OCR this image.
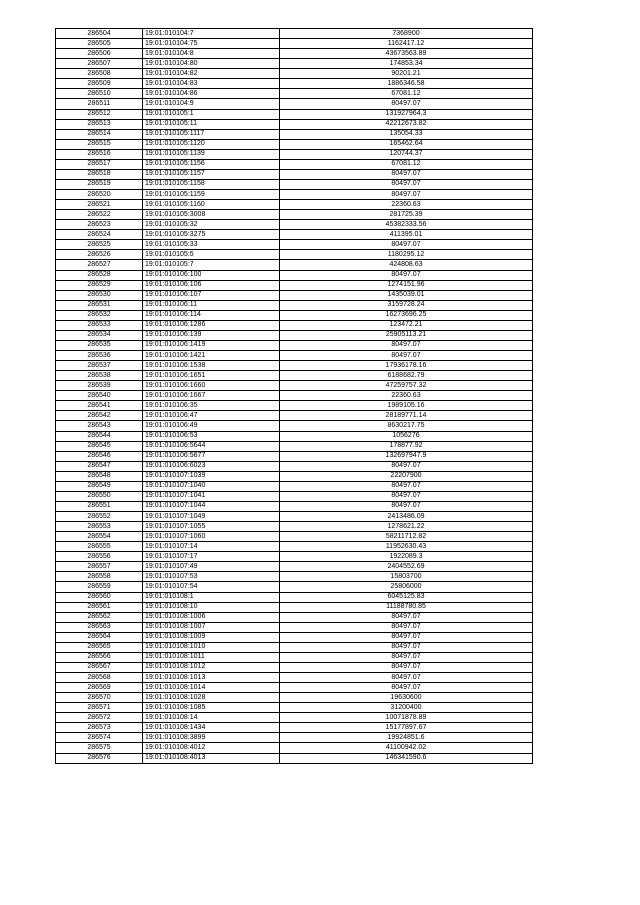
286504	19:01:010104:7	7368900
286505	19:01:010104:75	1162417.12
286506	19:01:010104:8	43673563.89
286507	19:01:010104:80	174853.34
286508	19:01:010104:82	90201.21
286509	19:01:010104:83	1886346.58
286510	19:01:010104:86	67081.12
286511	19:01:010104:9	80497.07
286512	19:01:010105:1	131927964.3
286513	19:01:010105:11	42212673.82
286514	19:01:010105:1117	135054.33
286515	19:01:010105:1120	165462.64
286516	19:01:010105:1139	120744.37
286517	19:01:010105:1156	67081.12
286518	19:01:010105:1157	80497.07
286519	19:01:010105:1158	80497.07
286520	19:01:010105:1159	80497.07
286521	19:01:010105:1160	22360.63
286522	19:01:010105:3008	281725.39
286523	19:01:010105:32	45382333.56
286524	19:01:010105:3275	411395.01
286525	19:01:010105:33	80497.07
286526	19:01:010105:5	1180295.12
286527	19:01:010105:7	424808.63
286528	19:01:010106:100	80497.07
286529	19:01:010106:106	1274151.96
286530	19:01:010106:107	1435039.01
286531	19:01:010106:11	3159728.24
286532	19:01:010106:114	16273696.25
286533	19:01:010106:1286	123472.21
286534	19:01:010106:139	25905113.21
286535	19:01:010106:1419	80497.07
286536	19:01:010106:1421	80497.07
286537	19:01:010106:1538	17936178.16
286538	19:01:010106:1651	6188682.79
286539	19:01:010106:1660	47259757.32
286540	19:01:010106:1667	22360.63
286541	19:01:010106:35	1989105.16
286542	19:01:010106:47	28189771.14
286543	19:01:010106:49	8630217.75
286544	19:01:010106:53	1056276
286545	19:01:010106:5644	178877.92
286546	19:01:010106:5677	132697947.9
286547	19:01:010106:6023	80497.07
286548	19:01:010107:1039	22207900
286549	19:01:010107:1040	80497.07
286550	19:01:010107:1041	80497.07
286551	19:01:010107:1044	80497.07
286552	19:01:010107:1049	2413486.09
286553	19:01:010107:1055	1278621.22
286554	19:01:010107:1060	58211712.82
286555	19:01:010107:14	11952630.43
286556	19:01:010107:17	1922089.3
286557	19:01:010107:49	2404552.69
286558	19:01:010107:53	15803700
286559	19:01:010107:54	25806000
286560	19:01:010108:1	6045125.83
286561	19:01:010108:10	11188780.85
286562	19:01:010108:1006	80497.07
286563	19:01:010108:1007	80497.07
286564	19:01:010108:1009	80497.07
286565	19:01:010108:1010	80497.07
286566	19:01:010108:1011	80497.07
286567	19:01:010108:1012	80497.07
286568	19:01:010108:1013	80497.07
286569	19:01:010108:1014	80497.07
286570	19:01:010108:1028	19630600
286571	19:01:010108:1085	31200400
286572	19:01:010108:14	10071878.89
286573	19:01:010108:1434	15177897.67
286574	19:01:010108:3899	19924851.6
286575	19:01:010108:4012	41100942.02
286576	19:01:010108:4013	146341590.6
